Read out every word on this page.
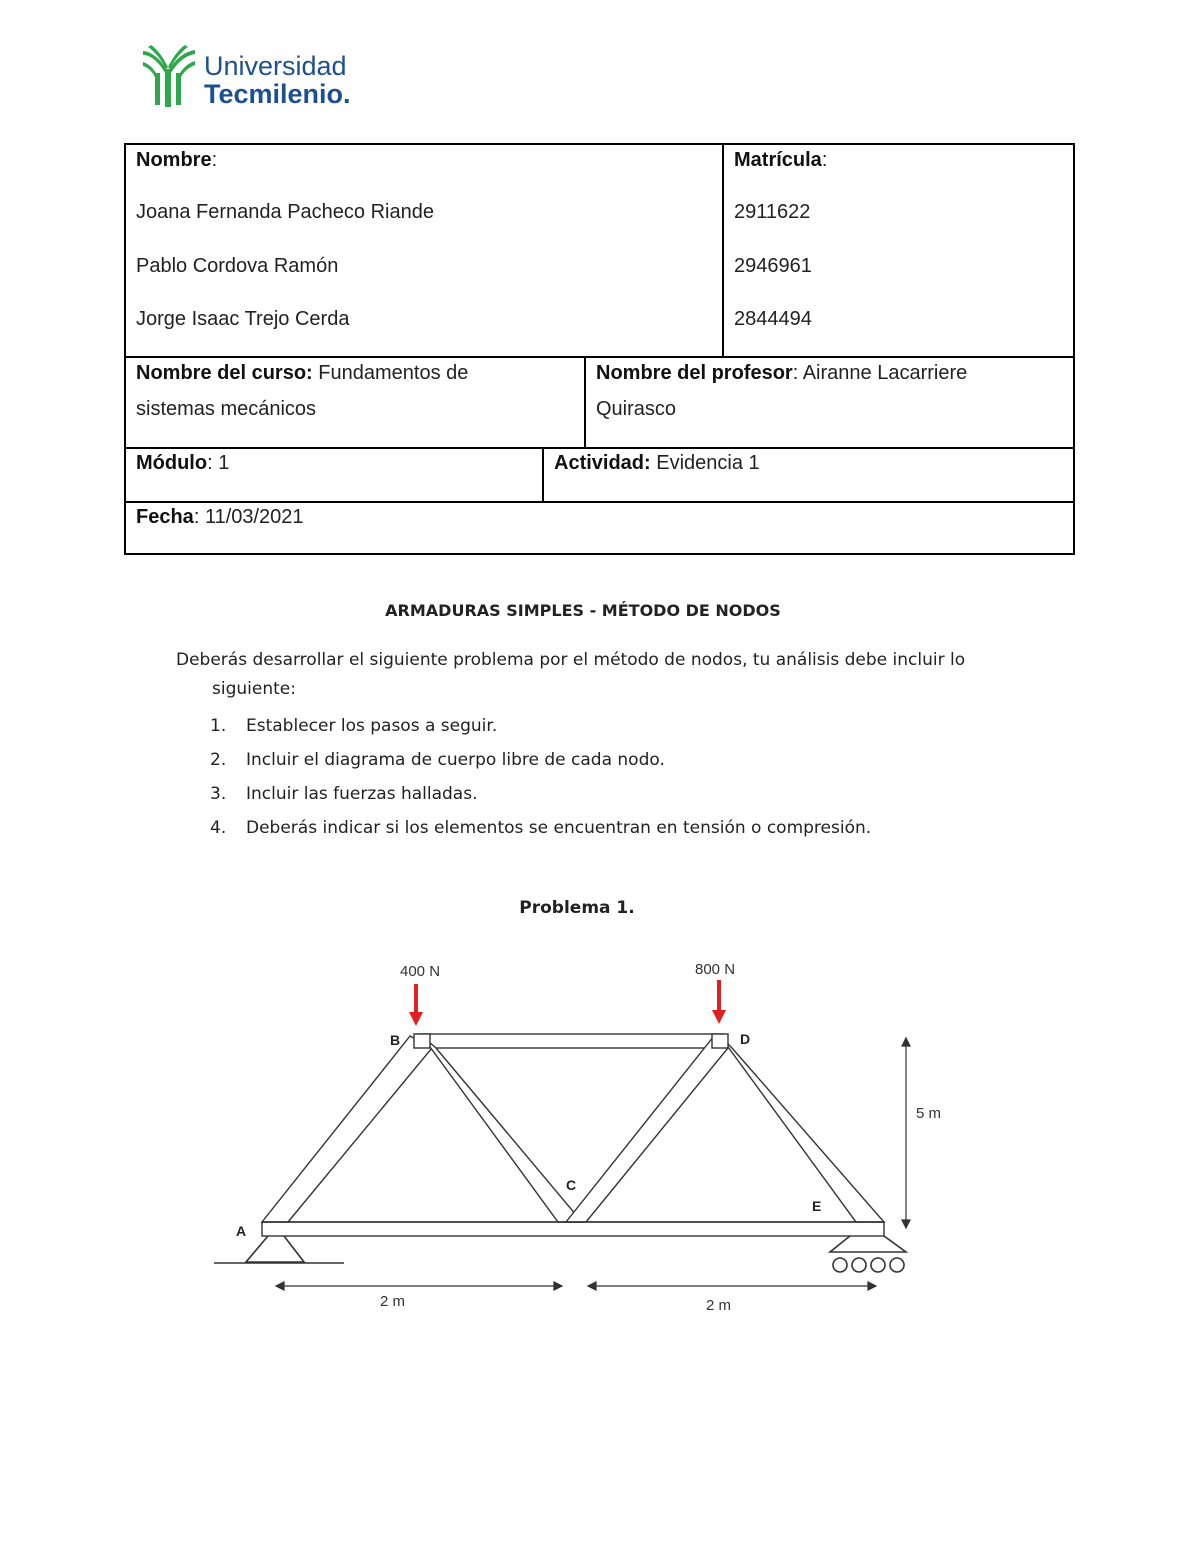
Universidad
Tecmilenio.
Nombre:
Joana Fernanda Pacheco Riande
Pablo Cordova Ramón
Jorge Isaac Trejo Cerda
Matrícula:
2911622
2946961
2844494
Nombre del curso: Fundamentos de
sistemas mecánicos
Nombre del profesor: Airanne Lacarriere
Quirasco
Módulo: 1	Actividad: Evidencia 1
Fecha: 11/03/2021
ARMADURAS SIMPLES - MÉTODO DE NODOS
Deberás desarrollar el siguiente problema por el método de nodos, tu análisis debe incluir lo
siguiente:
1.	Establecer los pasos a seguir.
2.	Incluir el diagrama de cuerpo libre de cada nodo.
3.	Incluir las fuerzas halladas.
4.	Deberás indicar si los elementos se encuentran en tensión o compresión.
Problema 1.
400 N	800 N
B	D
C
E
A
5 m
2 m	2 m
